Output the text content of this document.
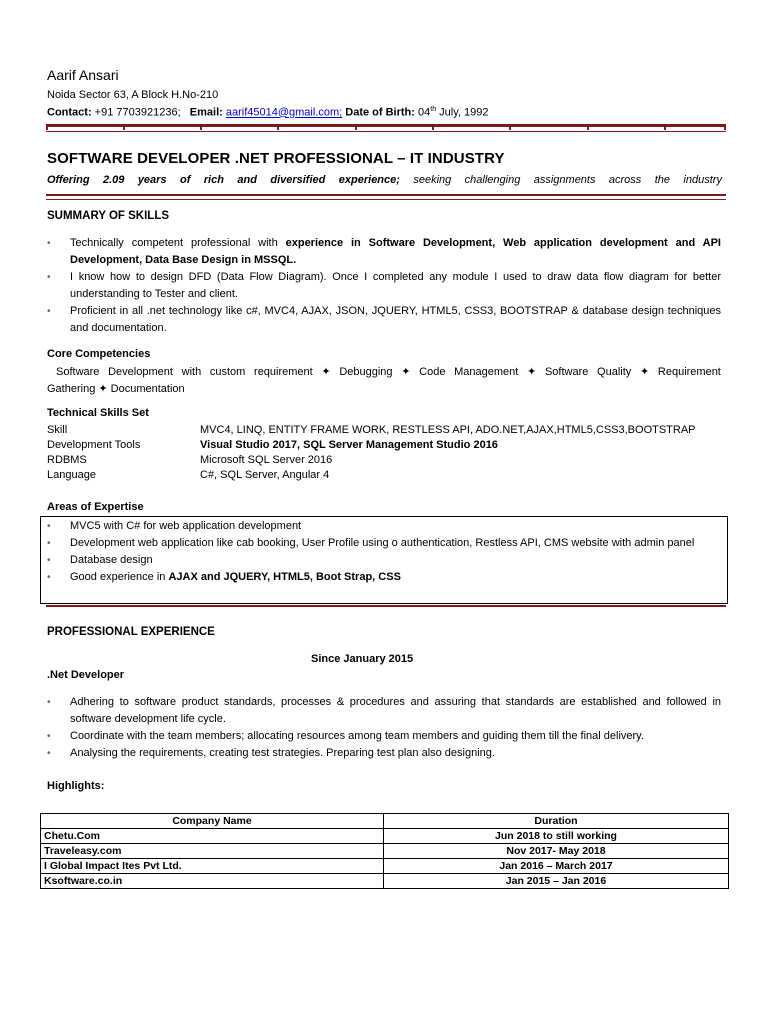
Aarif Ansari
Noida Sector 63, A Block H.No-210
Contact: +91 7703921236; Email: aarif45014@gmail.com; Date of Birth: 04th July, 1992
SOFTWARE DEVELOPER .NET PROFESSIONAL – IT INDUSTRY
Offering 2.09 years of rich and diversified experience; seeking challenging assignments across the industry
SUMMARY OF SKILLS
• Technically competent professional with experience in Software Development, Web application development and API Development, Data Base Design in MSSQL.
• I know how to design DFD (Data Flow Diagram). Once I completed any module I used to draw data flow diagram for better understanding to Tester and client.
• Proficient in all .net technology like c#, MVC4, AJAX, JSON, JQUERY, HTML5, CSS3, BOOTSTRAP & database design techniques and documentation.
Core Competencies
Software Development with custom requirement ✦ Debugging ✦ Code Management ✦ Software Quality ✦ Requirement
Gathering ✦ Documentation
Technical Skills Set
Skill	MVC4, LINQ, ENTITY FRAME WORK, RESTLESS API, ADO.NET,AJAX,HTML5,CSS3,BOOTSTRAP
Development Tools	Visual Studio 2017, SQL Server Management Studio 2016
RDBMS	Microsoft SQL Server 2016
Language	C#, SQL Server, Angular 4
Areas of Expertise
• MVC5 with C# for web application development
• Development web application like cab booking, User Profile using o authentication, Restless API, CMS website with admin panel
• Database design
• Good experience in AJAX and JQUERY, HTML5, Boot Strap, CSS
PROFESSIONAL EXPERIENCE
Since January 2015
.Net Developer
• Adhering to software product standards, processes & procedures and assuring that standards are established and followed in software development life cycle.
• Coordinate with the team members; allocating resources among team members and guiding them till the final delivery.
• Analysing the requirements, creating test strategies. Preparing test plan also designing.
Highlights:
Company Name	Duration
Chetu.Com	Jun 2018 to still working
Traveleasy.com	Nov 2017- May 2018
I Global Impact Ites Pvt Ltd.	Jan 2016 – March 2017
Ksoftware.co.in	Jan 2015 – Jan 2016
